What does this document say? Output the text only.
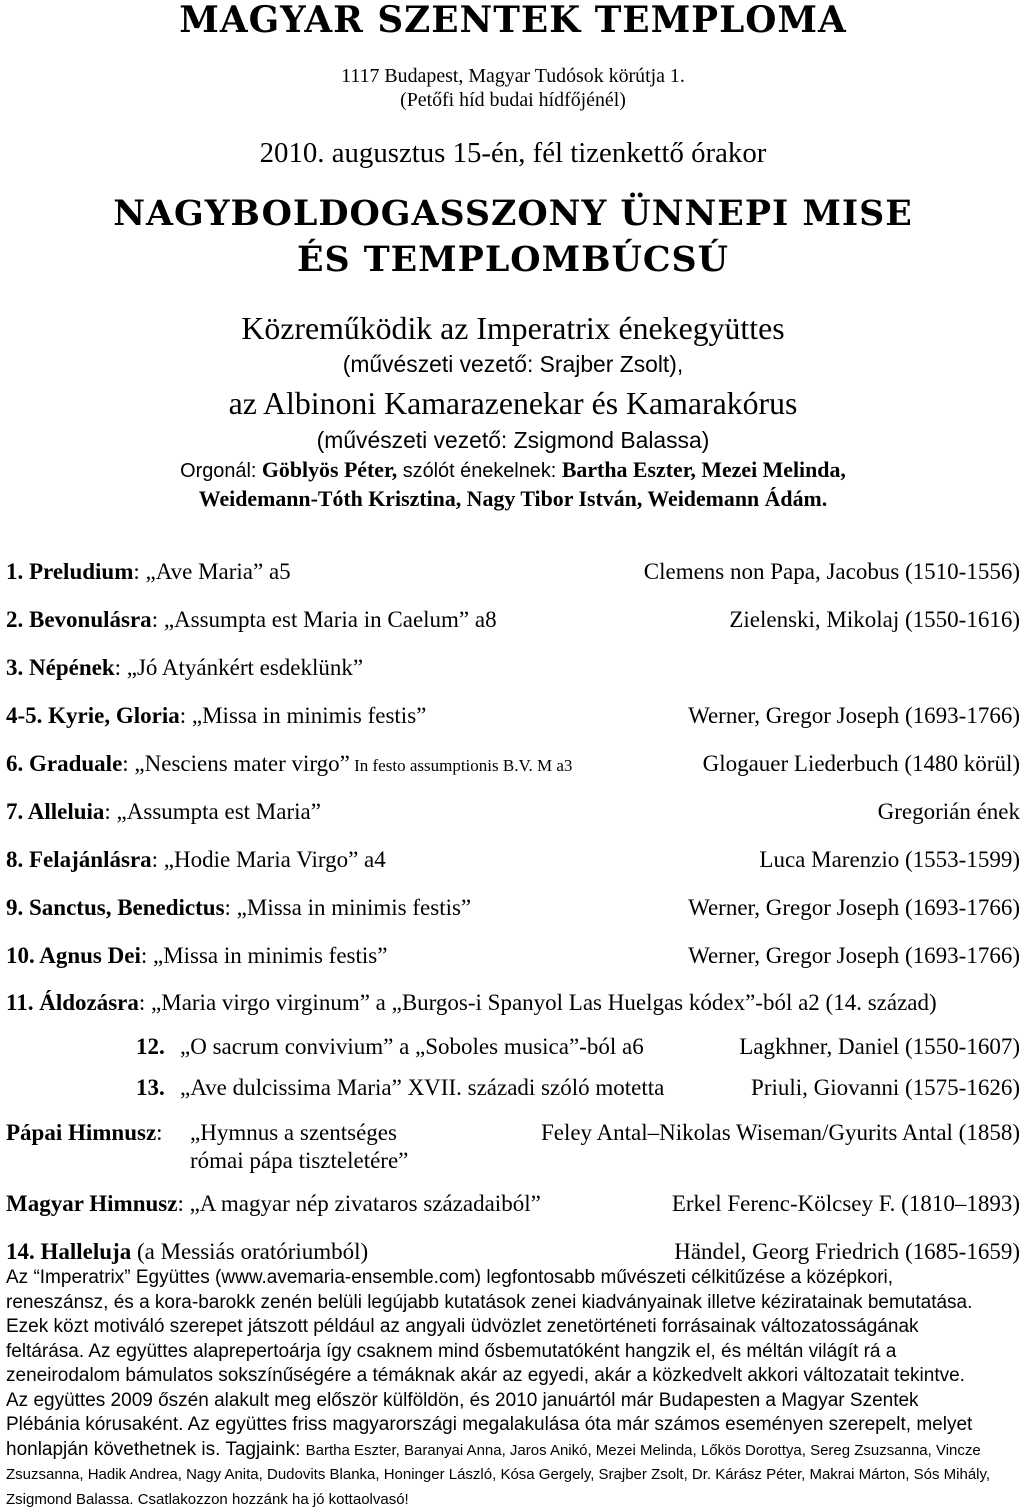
MAGYAR SZENTEK TEMPLOMA
1117 Budapest, Magyar Tudósok körútja 1.
(Petőfi híd budai hídfőjénél)
2010. augusztus 15-én, fél tizenkettő órakor
NAGYBOLDOGASSZONY ÜNNEPI MISE
ÉS TEMPLOMBÚCSÚ
Közreműködik az Imperatrix énekegyüttes
(művészeti vezető: Srajber Zsolt),
az Albinoni Kamarazenekar és Kamarakórus
(művészeti vezető: Zsigmond Balassa)
Orgonál: Göblyös Péter, szólót énekelnek: Bartha Eszter, Mezei Melinda,
Weidemann-Tóth Krisztina, Nagy Tibor István, Weidemann Ádám.
1. Preludium: „Ave Maria” a5	Clemens non Papa, Jacobus (1510-1556)
2. Bevonulásra: „Assumpta est Maria in Caelum” a8	Zielenski, Mikolaj (1550-1616)
3. Népének: „Jó Atyánkért esdeklünk”
4-5. Kyrie, Gloria: „Missa in minimis festis”	Werner, Gregor Joseph (1693-1766)
6. Graduale: „Nesciens mater virgo” In festo assumptionis B.V. M a3	Glogauer Liederbuch (1480 körül)
7. Alleluia: „Assumpta est Maria”	Gregorián ének
8. Felajánlásra: „Hodie Maria Virgo” a4	Luca Marenzio (1553-1599)
9. Sanctus, Benedictus: „Missa in minimis festis”	Werner, Gregor Joseph (1693-1766)
10. Agnus Dei: „Missa in minimis festis”	Werner, Gregor Joseph (1693-1766)
11. Áldozásra: „Maria virgo virginum” a „Burgos-i Spanyol Las Huelgas kódex”-ból a2 (14. század)
12. „O sacrum convivium” a „Soboles musica”-ból a6	Lagkhner, Daniel (1550-1607)
13. „Ave dulcissima Maria” XVII. századi szóló motetta	Priuli, Giovanni (1575-1626)
Pápai Himnusz: „Hymnus a szentséges	Feley Antal–Nikolas Wiseman/Gyurits Antal (1858)
római pápa tiszteletére”
Magyar Himnusz: „A magyar nép zivataros századaiból”	Erkel Ferenc-Kölcsey F. (1810–1893)
14. Halleluja (a Messiás oratóriumból)	Händel, Georg Friedrich (1685-1659)
Az “Imperatrix” Együttes (www.avemaria-ensemble.com) legfontosabb művészeti célkitűzése a középkori,
reneszánsz, és a kora-barokk zenén belüli legújabb kutatások zenei kiadványainak illetve kéziratainak bemutatása.
Ezek közt motiváló szerepet játszott például az angyali üdvözlet zenetörténeti forrásainak változatosságának
feltárása. Az együttes alaprepertoárja így csaknem mind ősbemutatóként hangzik el, és méltán világít rá a
zeneirodalom bámulatos sokszínűségére a témáknak akár az egyedi, akár a közkedvelt akkori változatait tekintve.
Az együttes 2009 őszén alakult meg először külföldön, és 2010 januártól már Budapesten a Magyar Szentek
Plébánia kórusaként. Az együttes friss magyarországi megalakulása óta már számos eseményen szerepelt, melyet
honlapján követhetnek is. Tagjaink: Bartha Eszter, Baranyai Anna, Jaros Anikó, Mezei Melinda, Lőkös Dorottya, Sereg Zsuzsanna, Vincze
Zsuzsanna, Hadik Andrea, Nagy Anita, Dudovits Blanka, Honinger László, Kósa Gergely, Srajber Zsolt, Dr. Kárász Péter, Makrai Márton, Sós Mihály,
Zsigmond Balassa. Csatlakozzon hozzánk ha jó kottaolvasó!
